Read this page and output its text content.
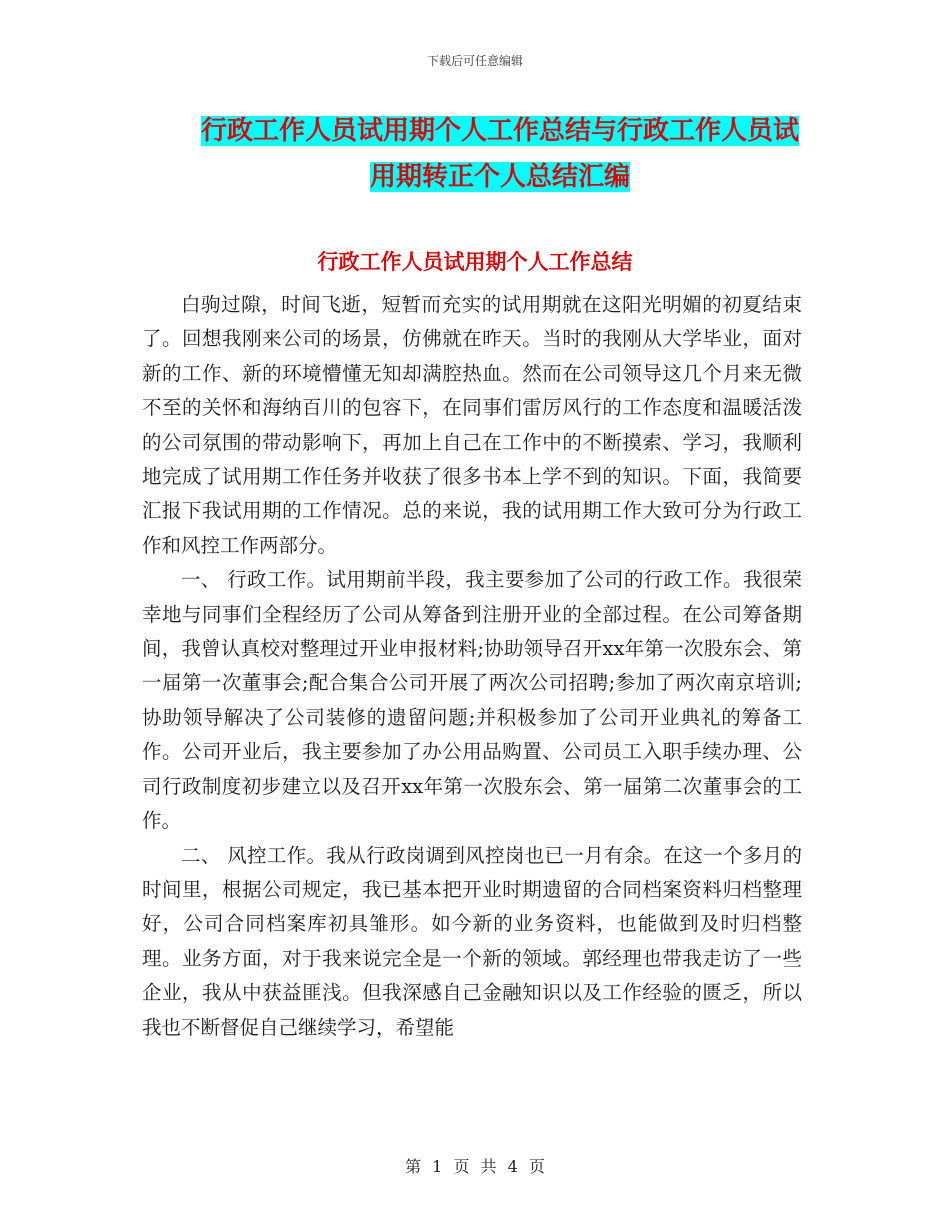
下载后可任意编辑
行政工作人员试用期个人工作总结与行政工作人员试
用期转正个人总结汇编
行政工作人员试用期个人工作总结

白驹过隙，时间飞逝，短暂而充实的试用期就在这阳光明媚的初夏结束了。回想我刚来公司的场景，仿佛就在昨天。当时的我刚从大学毕业，面对新的工作、新的环境懵懂无知却满腔热血。然而在公司领导这几个月来无微不至的关怀和海纳百川的包容下，在同事们雷厉风行的工作态度和温暖活泼的公司氛围的带动影响下，再加上自己在工作中的不断摸索、学习，我顺利地完成了试用期工作任务并收获了很多书本上学不到的知识。下面，我简要汇报下我试用期的工作情况。总的来说，我的试用期工作大致可分为行政工作和风控工作两部分。

一、 行政工作。试用期前半段，我主要参加了公司的行政工作。我很荣幸地与同事们全程经历了公司从筹备到注册开业的全部过程。在公司筹备期间，我曾认真校对整理过开业申报材料;协助领导召开xx年第一次股东会、第一届第一次董事会;配合集合公司开展了两次公司招聘;参加了两次南京培训;协助领导解决了公司装修的遗留问题;并积极参加了公司开业典礼的筹备工作。公司开业后，我主要参加了办公用品购置、公司员工入职手续办理、公司行政制度初步建立以及召开xx年第一次股东会、第一届第二次董事会的工作。

二、 风控工作。我从行政岗调到风控岗也已一月有余。在这一个多月的时间里，根据公司规定，我已基本把开业时期遗留的合同档案资料归档整理好，公司合同档案库初具雏形。如今新的业务资料，也能做到及时归档整理。业务方面，对于我来说完全是一个新的领域。郭经理也带我走访了一些企业，我从中获益匪浅。但我深感自己金融知识以及工作经验的匮乏，所以我也不断督促自己继续学习，希望能

第 1 页 共 4 页
